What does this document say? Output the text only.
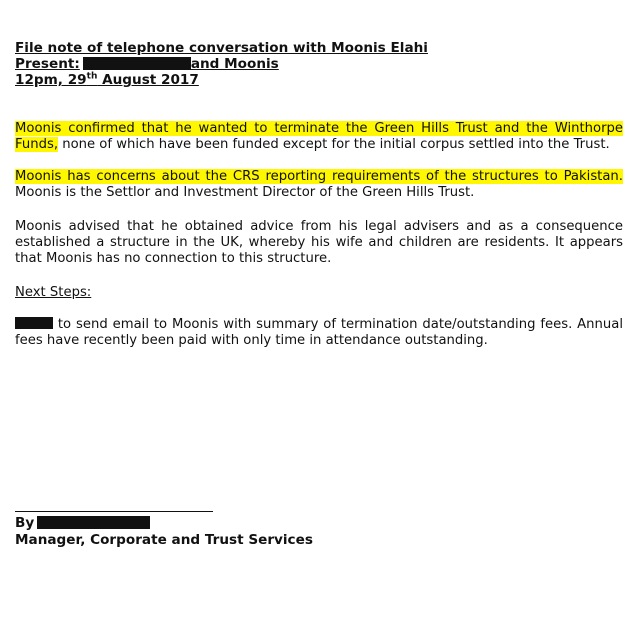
File note of telephone conversation with Moonis Elahi
Present:	and Moonis
12pm, 29th August 2017

Moonis confirmed that he wanted to terminate the Green Hills Trust and the Winthorpe Funds, none of which have been funded except for the initial corpus settled into the Trust.

Moonis has concerns about the CRS reporting requirements of the structures to Pakistan. Moonis is the Settlor and Investment Director of the Green Hills Trust.

Moonis advised that he obtained advice from his legal advisers and as a consequence established a structure in the UK, whereby his wife and children are residents. It appears that Moonis has no connection to this structure.

Next Steps:

to send email to Moonis with summary of termination date/outstanding fees. Annual fees have recently been paid with only time in attendance outstanding.

By
Manager, Corporate and Trust Services
